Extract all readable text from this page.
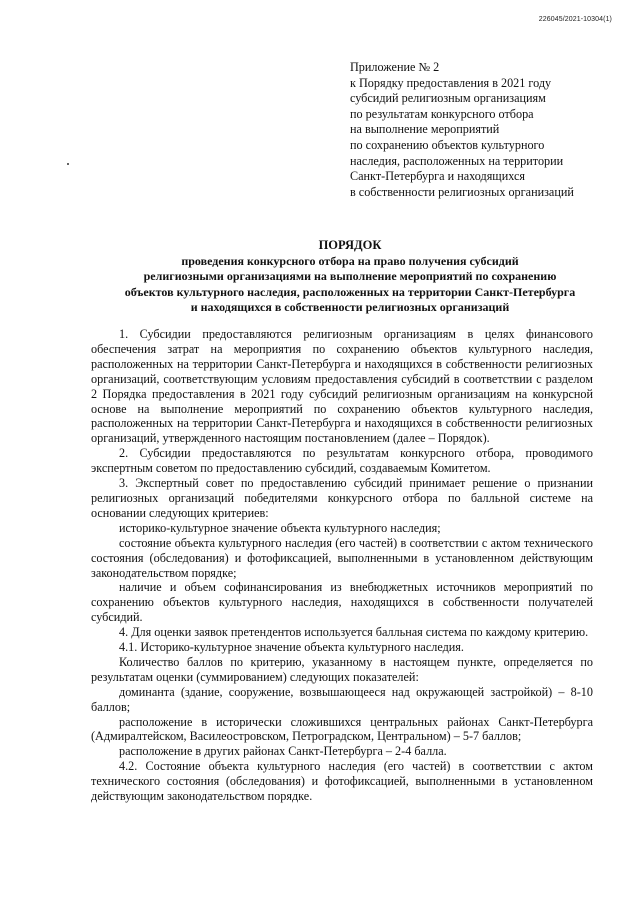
226045/2021-10304(1)
Приложение № 2
к Порядку предоставления в 2021 году
субсидий религиозным организациям
по результатам конкурсного отбора
на выполнение мероприятий
по сохранению объектов культурного
наследия, расположенных на территории
Санкт-Петербурга и находящихся
в собственности религиозных организаций
ПОРЯДОК
проведения конкурсного отбора на право получения субсидий
религиозными организациями на выполнение мероприятий по сохранению
объектов культурного наследия, расположенных на территории Санкт-Петербурга
и находящихся в собственности религиозных организаций

1. Субсидии предоставляются религиозным организациям в целях финансового обеспечения затрат на мероприятия по сохранению объектов культурного наследия, расположенных на территории Санкт-Петербурга и находящихся в собственности религиозных организаций, соответствующим условиям предоставления субсидий в соответствии с разделом 2 Порядка предоставления в 2021 году субсидий религиозным организациям на конкурсной основе на выполнение мероприятий по сохранению объектов культурного наследия, расположенных на территории Санкт-Петербурга и находящихся в собственности религиозных организаций, утвержденного настоящим постановлением (далее – Порядок).

2. Субсидии предоставляются по результатам конкурсного отбора, проводимого экспертным советом по предоставлению субсидий, создаваемым Комитетом.

3. Экспертный совет по предоставлению субсидий принимает решение о признании религиозных организаций победителями конкурсного отбора по балльной системе на основании следующих критериев:

историко-культурное значение объекта культурного наследия;

состояние объекта культурного наследия (его частей) в соответствии с актом технического состояния (обследования) и фотофиксацией, выполненными в установленном действующим законодательством порядке;

наличие и объем софинансирования из внебюджетных источников мероприятий по сохранению объектов культурного наследия, находящихся в собственности получателей субсидий.

4. Для оценки заявок претендентов используется балльная система по каждому критерию.

4.1. Историко-культурное значение объекта культурного наследия.

Количество баллов по критерию, указанному в настоящем пункте, определяется по результатам оценки (суммированием) следующих показателей:

доминанта (здание, сооружение, возвышающееся над окружающей застройкой) – 8-10 баллов;

расположение в исторически сложившихся центральных районах Санкт-Петербурга (Адмиралтейском, Василеостровском, Петроградском, Центральном) – 5-7 баллов;

расположение в других районах Санкт-Петербурга – 2-4 балла.

4.2. Состояние объекта культурного наследия (его частей) в соответствии с актом технического состояния (обследования) и фотофиксацией, выполненными в установленном действующим законодательством порядке.
